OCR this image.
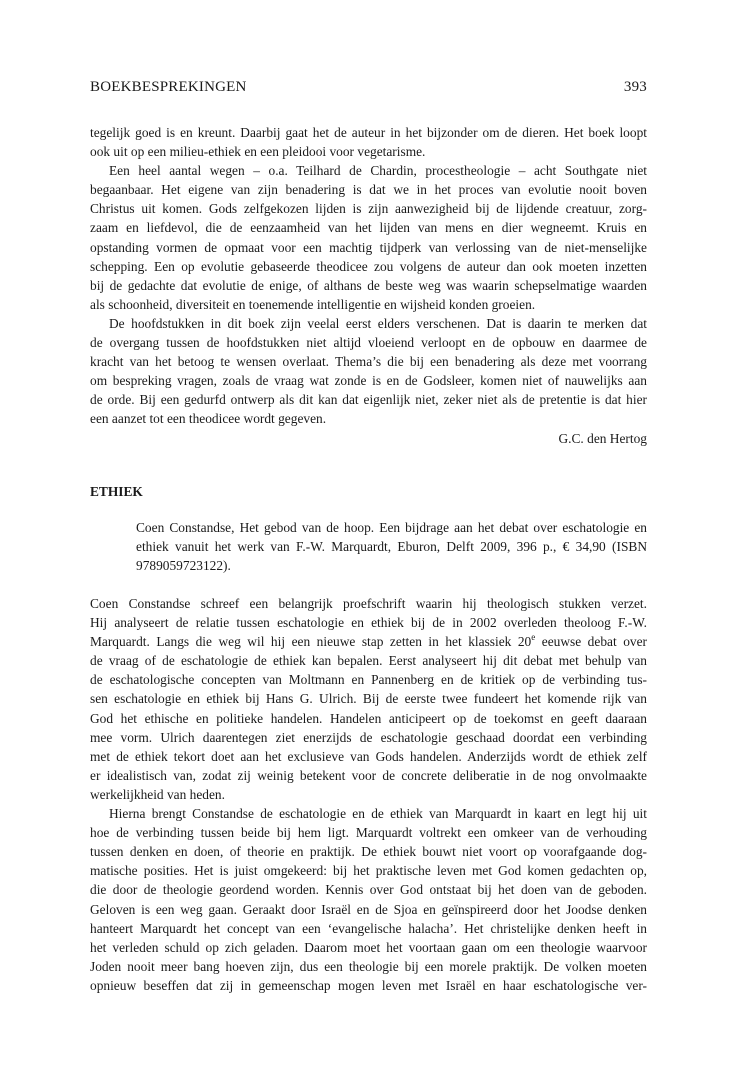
BOEKBESPREKINGEN	393
tegelijk goed is en kreunt. Daarbij gaat het de auteur in het bijzonder om de dieren. Het boek loopt
ook uit op een milieu-ethiek en een pleidooi voor vegetarisme.
Een heel aantal wegen – o.a. Teilhard de Chardin, procestheologie – acht Southgate niet
begaanbaar. Het eigene van zijn benadering is dat we in het proces van evolutie nooit boven
Christus uit komen. Gods zelfgekozen lijden is zijn aanwezigheid bij de lijdende creatuur, zorg-
zaam en liefdevol, die de eenzaamheid van het lijden van mens en dier wegneemt. Kruis en
opstanding vormen de opmaat voor een machtig tijdperk van verlossing van de niet-menselijke
schepping. Een op evolutie gebaseerde theodicee zou volgens de auteur dan ook moeten inzetten
bij de gedachte dat evolutie de enige, of althans de beste weg was waarin schepselmatige waarden
als schoonheid, diversiteit en toenemende intelligentie en wijsheid konden groeien.
De hoofdstukken in dit boek zijn veelal eerst elders verschenen. Dat is daarin te merken dat
de overgang tussen de hoofdstukken niet altijd vloeiend verloopt en de opbouw en daarmee de
kracht van het betoog te wensen overlaat. Thema’s die bij een benadering als deze met voorrang
om bespreking vragen, zoals de vraag wat zonde is en de Godsleer, komen niet of nauwelijks aan
de orde. Bij een gedurfd ontwerp als dit kan dat eigenlijk niet, zeker niet als de pretentie is dat hier
een aanzet tot een theodicee wordt gegeven.
G.C. den Hertog
ETHIEK
Coen Constandse, Het gebod van de hoop. Een bijdrage aan het debat over eschatologie en
ethiek vanuit het werk van F.-W. Marquardt, Eburon, Delft 2009, 396 p., € 34,90 (ISBN
9789059723122).
Coen Constandse schreef een belangrijk proefschrift waarin hij theologisch stukken verzet.
Hij analyseert de relatie tussen eschatologie en ethiek bij de in 2002 overleden theoloog F.-W.
Marquardt. Langs die weg wil hij een nieuwe stap zetten in het klassiek 20e eeuwse debat over
de vraag of de eschatologie de ethiek kan bepalen. Eerst analyseert hij dit debat met behulp van
de eschatologische concepten van Moltmann en Pannenberg en de kritiek op de verbinding tus-
sen eschatologie en ethiek bij Hans G. Ulrich. Bij de eerste twee fundeert het komende rijk van
God het ethische en politieke handelen. Handelen anticipeert op de toekomst en geeft daaraan
mee vorm. Ulrich daarentegen ziet enerzijds de eschatologie geschaad doordat een verbinding
met de ethiek tekort doet aan het exclusieve van Gods handelen. Anderzijds wordt de ethiek zelf
er idealistisch van, zodat zij weinig betekent voor de concrete deliberatie in de nog onvolmaakte
werkelijkheid van heden.
Hierna brengt Constandse de eschatologie en de ethiek van Marquardt in kaart en legt hij uit
hoe de verbinding tussen beide bij hem ligt. Marquardt voltrekt een omkeer van de verhouding
tussen denken en doen, of theorie en praktijk. De ethiek bouwt niet voort op voorafgaande dog-
matische posities. Het is juist omgekeerd: bij het praktische leven met God komen gedachten op,
die door de theologie geordend worden. Kennis over God ontstaat bij het doen van de geboden.
Geloven is een weg gaan. Geraakt door Israël en de Sjoa en geïnspireerd door het Joodse denken
hanteert Marquardt het concept van een ‘evangelische halacha’. Het christelijke denken heeft in
het verleden schuld op zich geladen. Daarom moet het voortaan gaan om een theologie waarvoor
Joden nooit meer bang hoeven zijn, dus een theologie bij een morele praktijk. De volken moeten
opnieuw beseffen dat zij in gemeenschap mogen leven met Israël en haar eschatologische ver-
